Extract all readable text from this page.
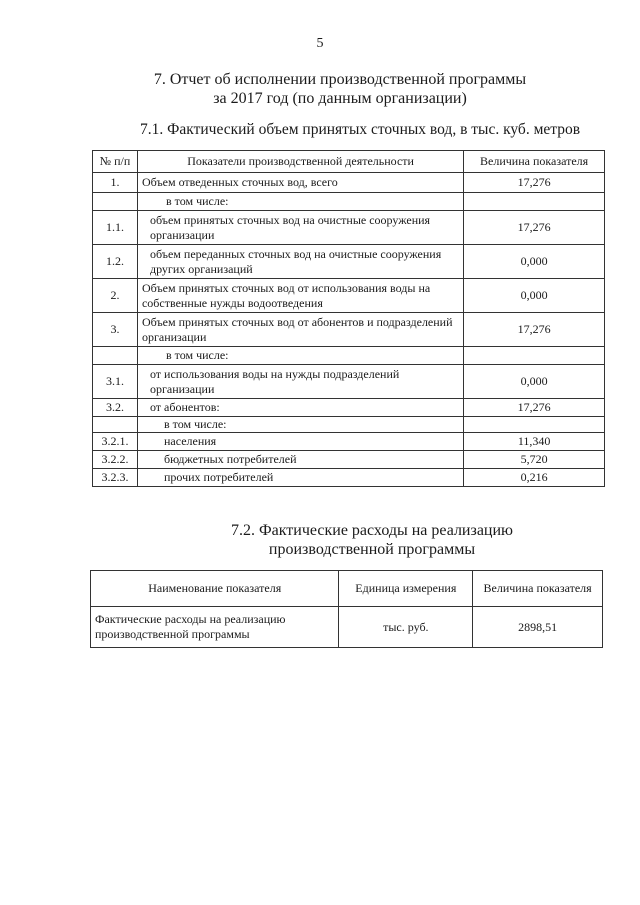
5
7. Отчет об исполнении производственной программы
за 2017 год (по данным организации)
7.1. Фактический объем принятых сточных вод, в тыс. куб. метров
№ п/п	Показатели производственной деятельности	Величина показателя
1.	Объем отведенных сточных вод, всего	17,276
	в том числе:	
1.1.	объем принятых сточных вод на очистные сооружения организации	17,276
1.2.	объем переданных сточных вод на очистные сооружения других организаций	0,000
2.	Объем принятых сточных вод от использования воды на собственные нужды водоотведения	0,000
3.	Объем принятых сточных вод от абонентов и подразделений организации	17,276
	в том числе:	
3.1.	от использования воды на нужды подразделений организации	0,000
3.2.	от абонентов:	17,276
	в том числе:	
3.2.1.	населения	11,340
3.2.2.	бюджетных потребителей	5,720
3.2.3.	прочих потребителей	0,216
7.2. Фактические расходы на реализацию
производственной программы
Наименование показателя	Единица измерения	Величина показателя
Фактические расходы на реализацию производственной программы	тыс. руб.	2898,51
